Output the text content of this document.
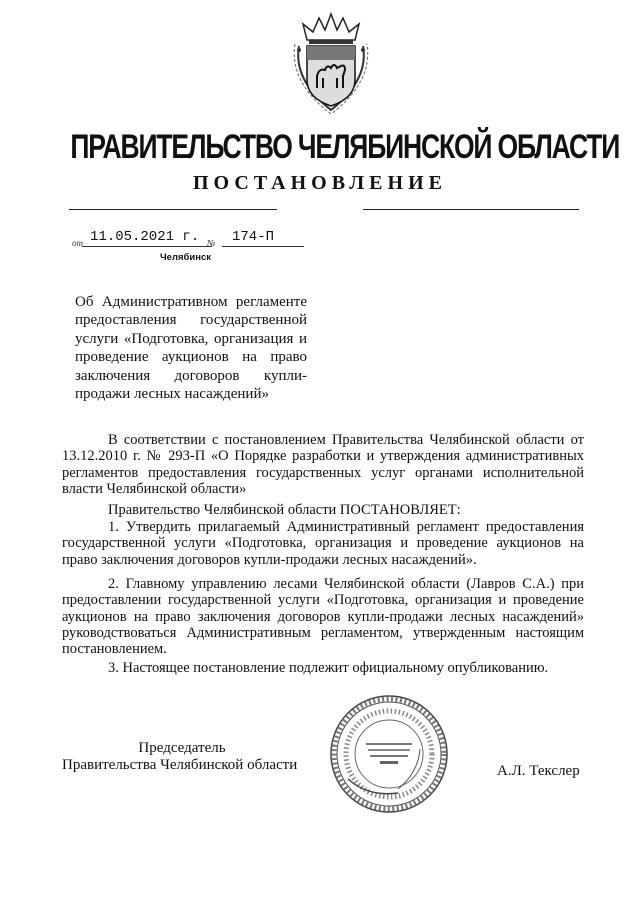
ПРАВИТЕЛЬСТВО ЧЕЛЯБИНСКОЙ ОБЛАСТИ
ПОСТАНОВЛЕНИЕ
от 11.05.2021 г. №	174-П
Челябинск
Об Административном регламенте предоставления государственной услуги «Подготовка, организация и проведение аукционов на право заключения договоров купли-продажи лесных насаждений»
В соответствии с постановлением Правительства Челябинской области от 13.12.2010 г. № 293-П «О Порядке разработки и утверждения административных регламентов предоставления государственных услуг органами исполнительной власти Челябинской области»
Правительство Челябинской области ПОСТАНОВЛЯЕТ:
1. Утвердить прилагаемый Административный регламент предоставления государственной услуги «Подготовка, организация и проведение аукционов на право заключения договоров купли-продажи лесных насаждений».
2. Главному управлению лесами Челябинской области (Лавров С.А.) при предоставлении государственной услуги «Подготовка, организация и проведение аукционов на право заключения договоров купли-продажи лесных насаждений» руководствоваться Административным регламентом, утвержденным настоящим постановлением.
3. Настоящее постановление подлежит официальному опубликованию.
Председатель

Правительства Челябинской области	А.Л. Текслер
